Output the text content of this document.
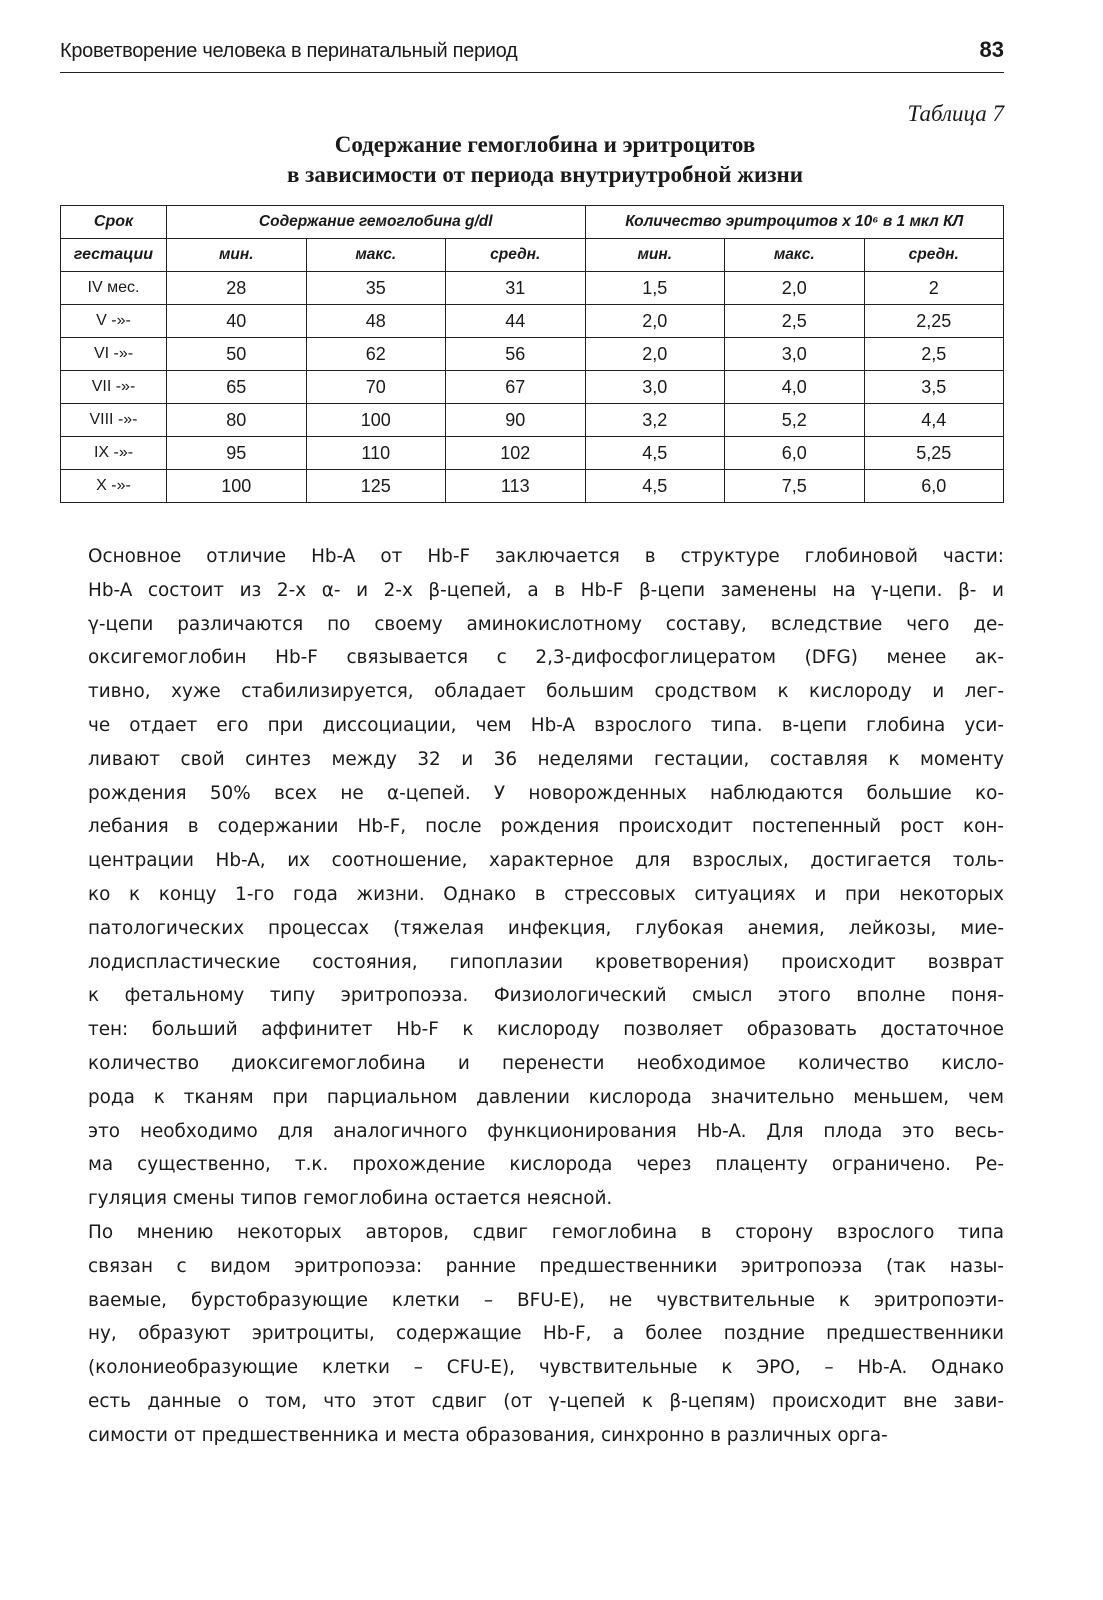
Кроветворение человека в перинатальный период	83
Таблица 7
Содержание гемоглобина и эритроцитов
в зависимости от периода внутриутробной жизни
Срок	Содержание гемоглобина g/dl			Количество эритроцитов х 10⁶ в 1 мкл КЛ		
гестации	мин.	макс.	средн.	мин.	макс.	средн.
IV мес.	28	35	31	1,5	2,0	2
V -»-	40	48	44	2,0	2,5	2,25
VI -»-	50	62	56	2,0	3,0	2,5
VII -»-	65	70	67	3,0	4,0	3,5
VIII -»-	80	100	90	3,2	5,2	4,4
IX -»-	95	110	102	4,5	6,0	5,25
X -»-	100	125	113	4,5	7,5	6,0

Основное отличие Hb-A от Hb-F заключается в структуре глобиновой части:
Hb-A состоит из 2-х α- и 2-х β-цепей, а в Hb-F β-цепи заменены на γ-цепи. β- и
γ-цепи различаются по своему аминокислотному составу, вследствие чего де-
оксигемоглобин Hb-F связывается с 2,3-дифосфоглицератом (DFG) менее ак-
тивно, хуже стабилизируется, обладает большим сродством к кислороду и лег-
че отдает его при диссоциации, чем Hb-A взрослого типа. в-цепи глобина уси-
ливают свой синтез между 32 и 36 неделями гестации, составляя к моменту
рождения 50% всех не α-цепей. У новорожденных наблюдаются большие ко-
лебания в содержании Hb-F, после рождения происходит постепенный рост кон-
центрации Hb-A, их соотношение, характерное для взрослых, достигается толь-
ко к концу 1-го года жизни. Однако в стрессовых ситуациях и при некоторых
патологических процессах (тяжелая инфекция, глубокая анемия, лейкозы, мие-
лодиспластические состояния, гипоплазии кроветворения) происходит возврат
к фетальному типу эритропоэза. Физиологический смысл этого вполне поня-
тен: больший аффинитет Hb-F к кислороду позволяет образовать достаточное
количество диоксигемоглобина и перенести необходимое количество кисло-
рода к тканям при парциальном давлении кислорода значительно меньшем, чем
это необходимо для аналогичного функционирования Hb-A. Для плода это весь-
ма существенно, т.к. прохождение кислорода через плаценту ограничено. Ре-
гуляция смены типов гемоглобина остается неясной.

По мнению некоторых авторов, сдвиг гемоглобина в сторону взрослого типа
связан с видом эритропоэза: ранние предшественники эритропоэза (так назы-
ваемые, бурстобразующие клетки – BFU-E), не чувствительные к эритропоэти-
ну, образуют эритроциты, содержащие Hb-F, а более поздние предшественники
(колониеобразующие клетки – CFU-E), чувствительные к ЭРО, – Hb-A. Однако
есть данные о том, что этот сдвиг (от γ-цепей к β-цепям) происходит вне зави-
симости от предшественника и места образования, синхронно в различных орга-
